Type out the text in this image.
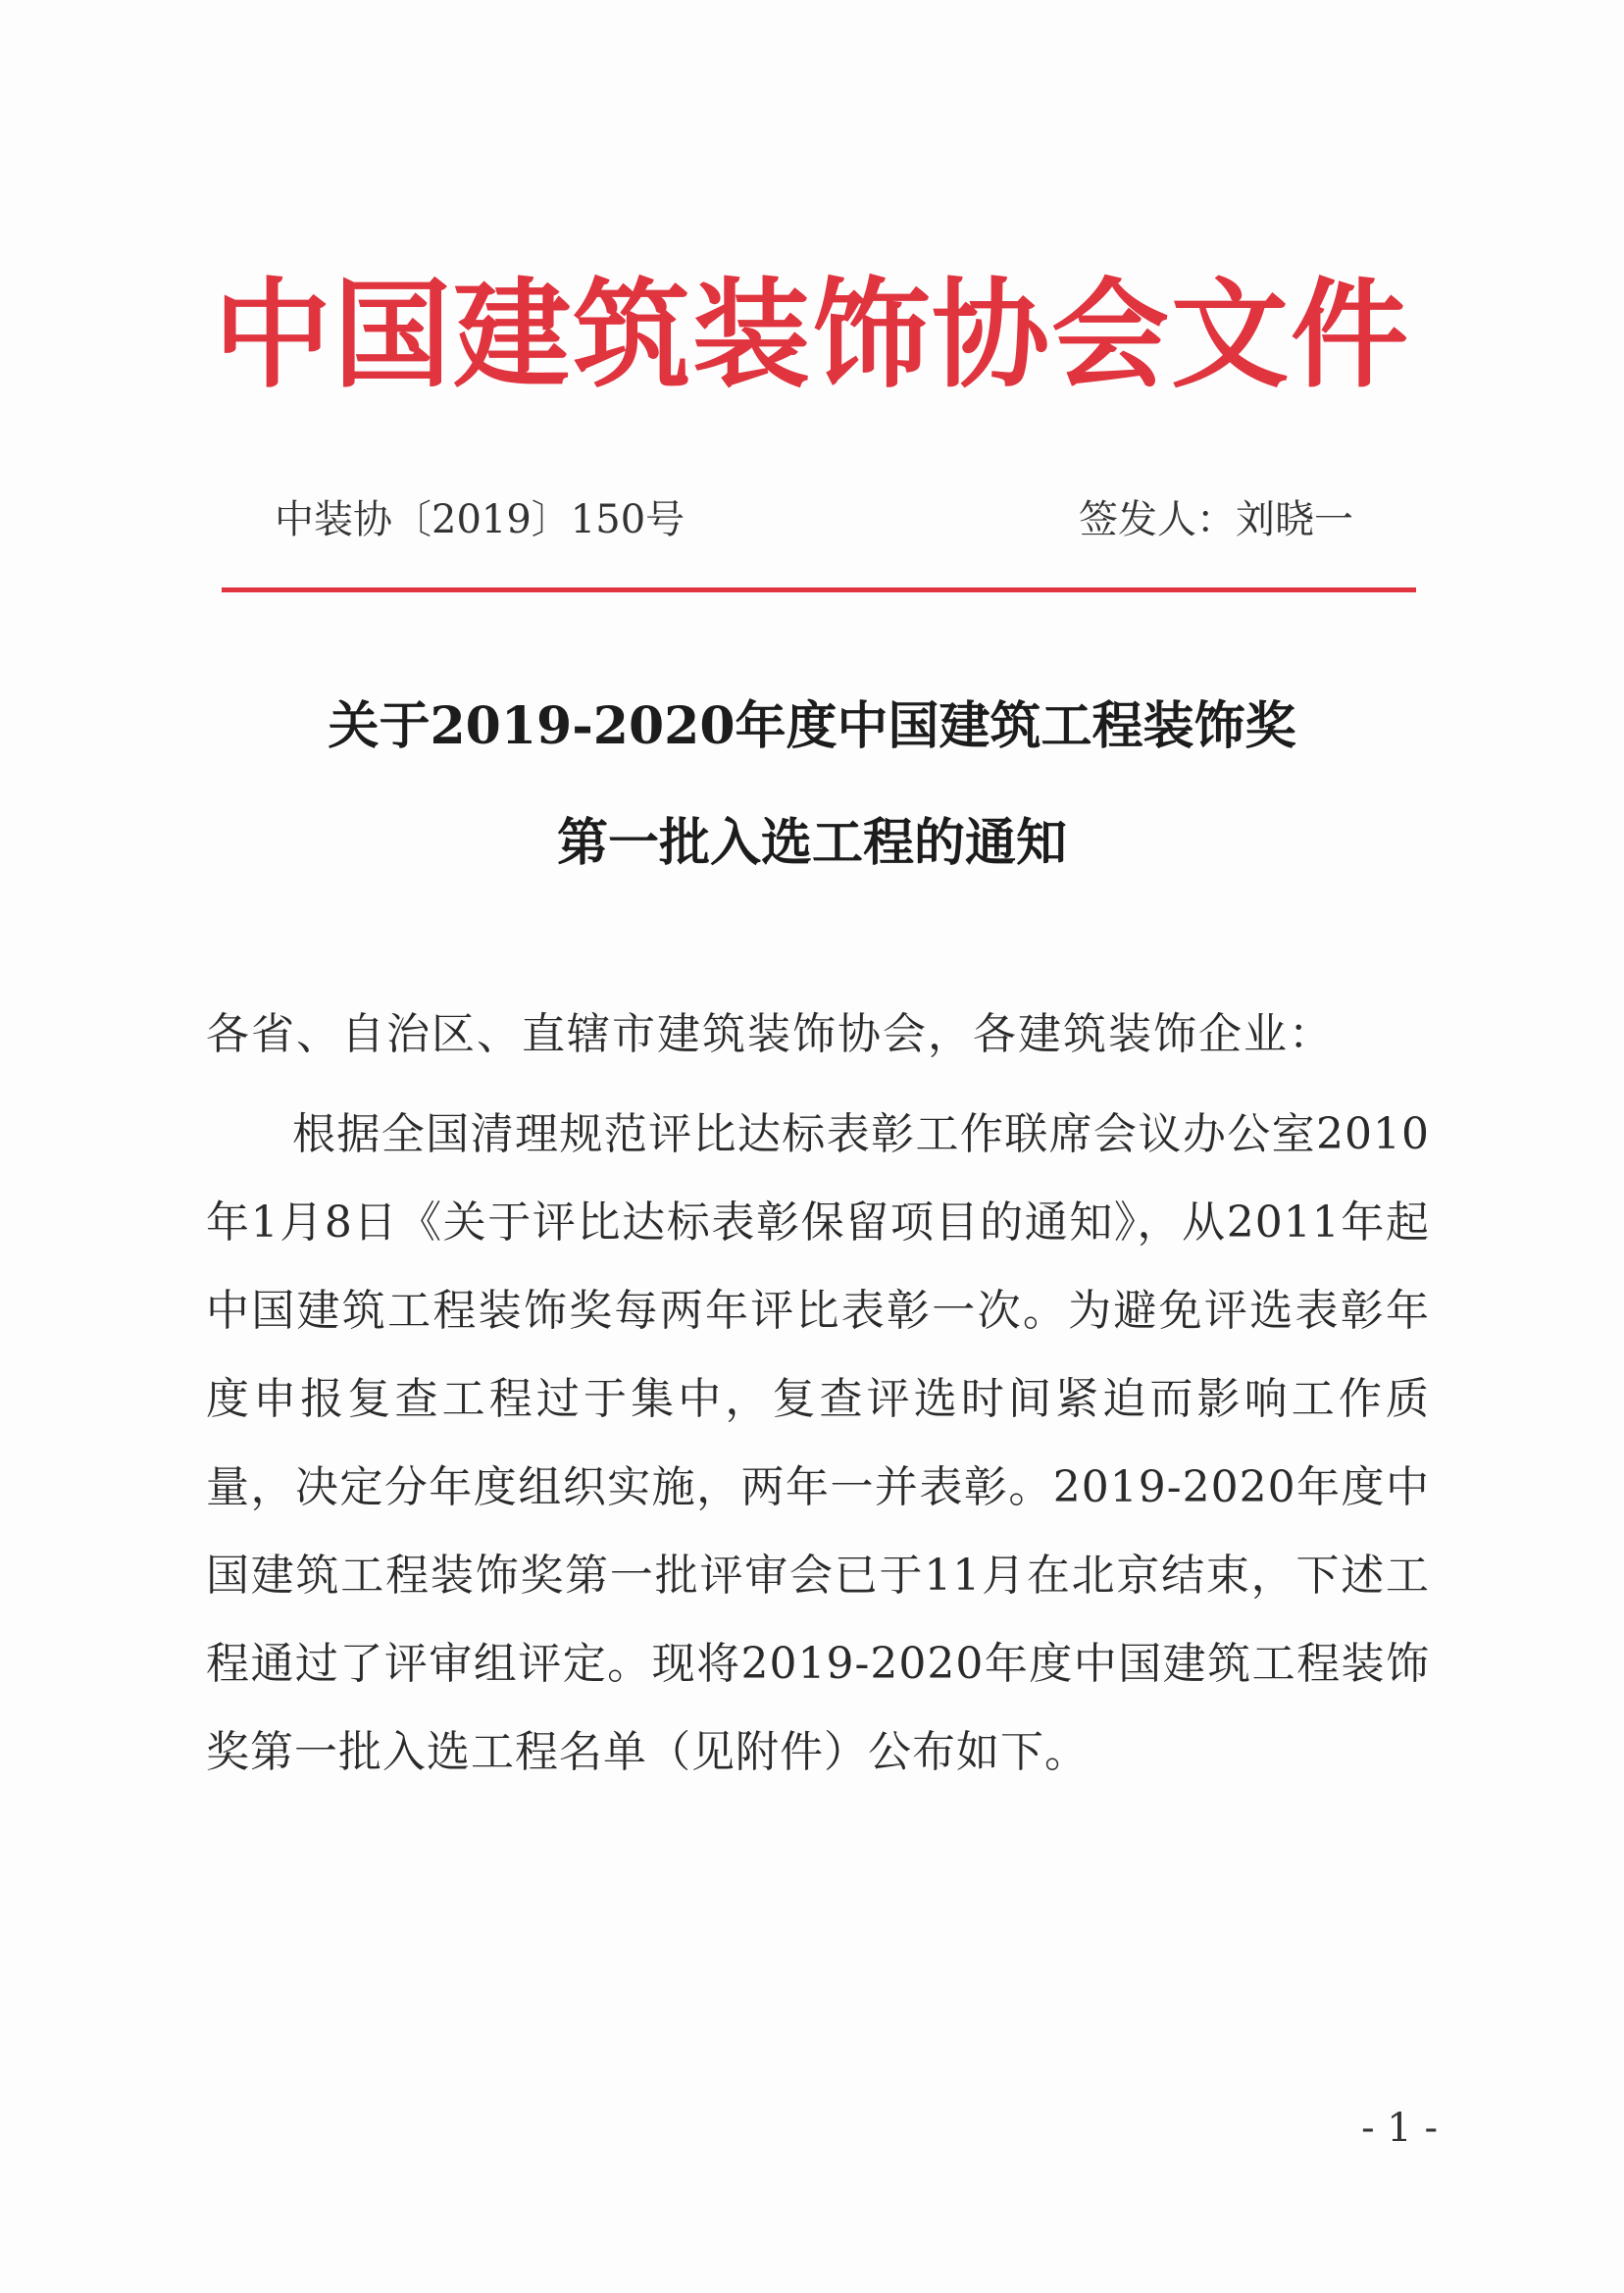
中国建筑装饰协会文件
中装协〔2019〕150号	签发人：刘晓一
关于2019-2020年度中国建筑工程装饰奖
第一批入选工程的通知
各省、自治区、直辖市建筑装饰协会，各建筑装饰企业：

根据全国清理规范评比达标表彰工作联席会议办公室2010年1月8日《关于评比达标表彰保留项目的通知》，从2011年起中国建筑工程装饰奖每两年评比表彰一次。为避免评选表彰年度申报复查工程过于集中，复查评选时间紧迫而影响工作质量，决定分年度组织实施，两年一并表彰。2019-2020年度中国建筑工程装饰奖第一批评审会已于11月在北京结束，下述工程通过了评审组评定。现将2019-2020年度中国建筑工程装饰奖第一批入选工程名单（见附件）公布如下。

- 1 -
